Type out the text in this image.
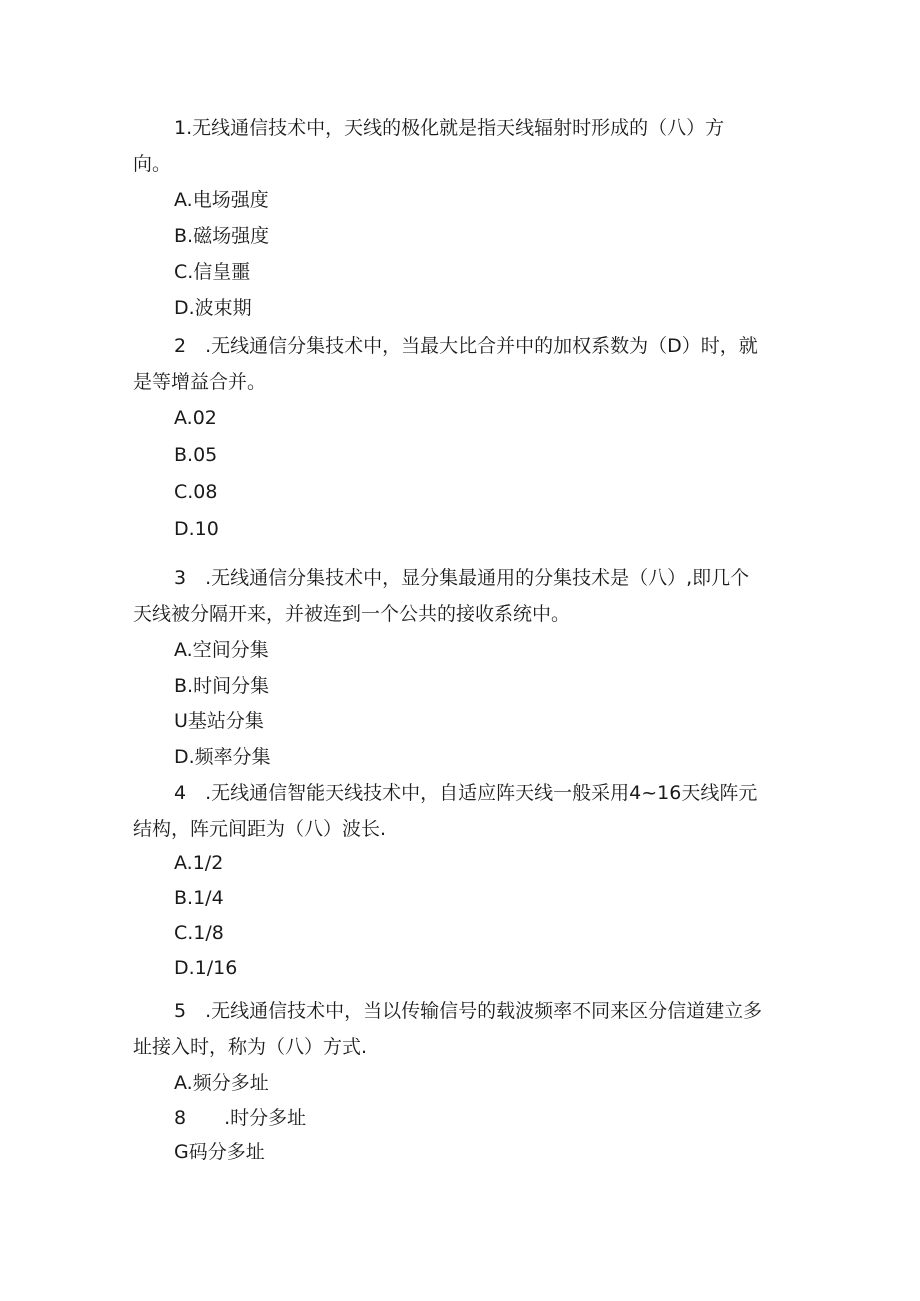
1.无线通信技术中，天线的极化就是指天线辐射时形成的（八）方
向。
A.电场强度
B.磁场强度
C.信皇噩
D.波束期
2　.无线通信分集技术中，当最大比合并中的加权系数为（D）时，就
是等增益合并。
A.02
B.05
C.08
D.10
3　.无线通信分集技术中，显分集最通用的分集技术是（八）,即几个
天线被分隔开来，并被连到一个公共的接收系统中。
A.空间分集
B.时间分集
U基站分集
D.频率分集
4　.无线通信智能天线技术中，自适应阵天线一般采用4~16天线阵元
结构，阵元间距为（八）波长.
A.1/2
B.1/4
C.1/8
D.1/16
5　.无线通信技术中，当以传输信号的载波频率不同来区分信道建立多
址接入时，称为（八）方式.
A.频分多址
8　　.时分多址
G码分多址
